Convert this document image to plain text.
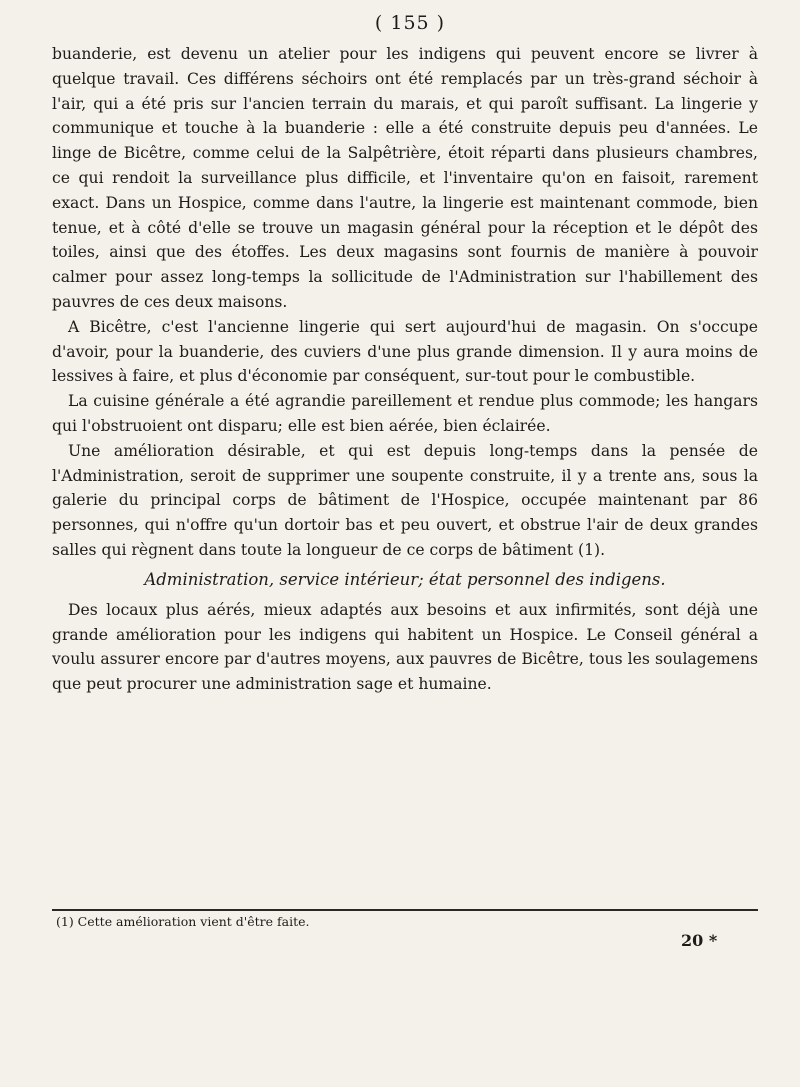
( 155 )

buanderie, est devenu un atelier pour les indigens qui peuvent encore se livrer à quelque travail. Ces différens séchoirs ont été remplacés par un très-grand séchoir à l'air, qui a été pris sur l'ancien terrain du marais, et qui paroît suffisant. La lingerie y communique et touche à la buanderie : elle a été construite depuis peu d'années. Le linge de Bicêtre, comme celui de la Salpêtrière, étoit réparti dans plusieurs chambres, ce qui rendoit la surveillance plus difficile, et l'inventaire qu'on en faisoit, rarement exact. Dans un Hospice, comme dans l'autre, la lingerie est maintenant commode, bien tenue, et à côté d'elle se trouve un magasin général pour la réception et le dépôt des toiles, ainsi que des étoffes. Les deux magasins sont fournis de manière à pouvoir calmer pour assez long-temps la sollicitude de l'Administration sur l'habillement des pauvres de ces deux maisons.

A Bicêtre, c'est l'ancienne lingerie qui sert aujourd'hui de magasin. On s'occupe d'avoir, pour la buanderie, des cuviers d'une plus grande dimension. Il y aura moins de lessives à faire, et plus d'économie par conséquent, sur-tout pour le combustible.

La cuisine générale a été agrandie pareillement et rendue plus commode; les hangars qui l'obstruoient ont disparu; elle est bien aérée, bien éclairée.

Une amélioration désirable, et qui est depuis long-temps dans la pensée de l'Administration, seroit de supprimer une soupente construite, il y a trente ans, sous la galerie du principal corps de bâtiment de l'Hospice, occupée maintenant par 86 personnes, qui n'offre qu'un dortoir bas et peu ouvert, et obstrue l'air de deux grandes salles qui règnent dans toute la longueur de ce corps de bâtiment (1).

Administration, service intérieur; état personnel des indigens.

Des locaux plus aérés, mieux adaptés aux besoins et aux infirmités, sont déjà une grande amélioration pour les indigens qui habitent un Hospice. Le Conseil général a voulu assurer encore par d'autres moyens, aux pauvres de Bicêtre, tous les soulagemens que peut procurer une administration sage et humaine.

(1) Cette amélioration vient d'être faite.
20 *
